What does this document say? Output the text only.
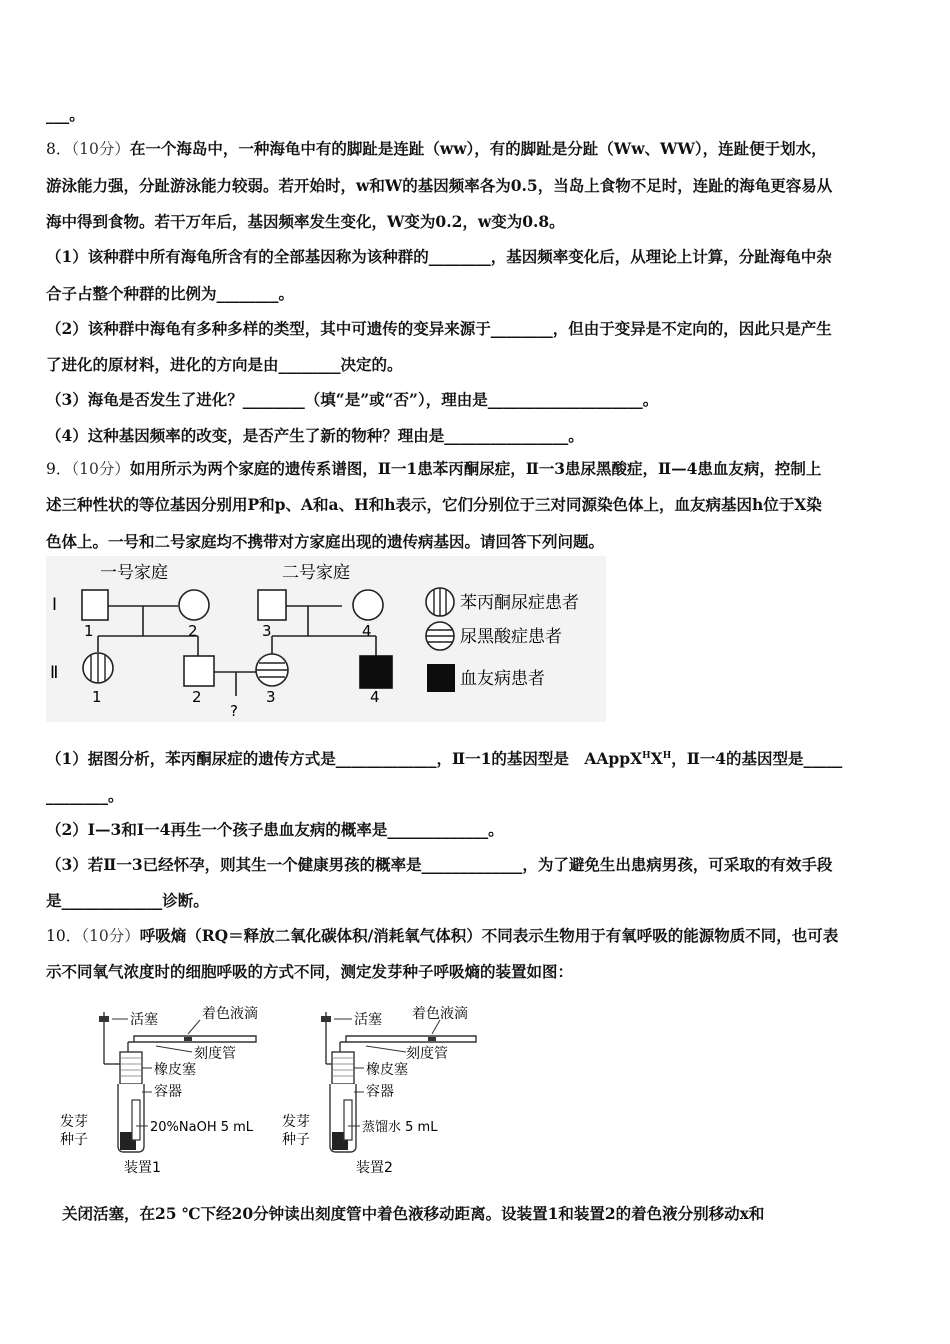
___。
8．（10分）在一个海岛中，一种海龟中有的脚趾是连趾（ww），有的脚趾是分趾（Ww、WW），连趾便于划水，
游泳能力强，分趾游泳能力较弱。若开始时，w和W的基因频率各为0.5，当岛上食物不足时，连趾的海龟更容易从
海中得到食物。若干万年后，基因频率发生变化，W变为0.2，w变为0.8。
（1）该种群中所有海龟所含有的全部基因称为该种群的________，基因频率变化后，从理论上计算，分趾海龟中杂
合子占整个种群的比例为________。
（2）该种群中海龟有多种多样的类型，其中可遗传的变异来源于________，但由于变异是不定向的，因此只是产生
了进化的原材料，进化的方向是由________决定的。
（3）海龟是否发生了进化？________（填“是”或“否”），理由是____________________。
（4）这种基因频率的改变，是否产生了新的物种？理由是________________。
9．（10分）如用所示为两个家庭的遗传系谱图，Ⅱ一1患苯丙酮尿症，Ⅱ一3患尿黑酸症，Ⅱ—4患血友病，控制上
述三种性状的等位基因分别用P和p、A和a、H和h表示，它们分别位于三对同源染色体上，血友病基因h位于X染
色体上。一号和二号家庭均不携带对方家庭出现的遗传病基因。请回答下列问题。
一号家庭	二号家庭
Ⅰ
Ⅱ
1	2	3	4
1	2	3	4
?
苯丙酮尿症患者
尿黑酸症患者
血友病患者
（1）据图分析，苯丙酮尿症的遗传方式是_____________，Ⅱ一1的基因型是　$AAppX^HX^H$，Ⅱ一4的基因型是_____
________。
（2）Ⅰ—3和Ⅰ一4再生一个孩子患血友病的概率是_____________。
（3）若Ⅱ一3已经怀孕，则其生一个健康男孩的概率是_____________，为了避免生出患病男孩，可采取的有效手段
是_____________诊断。
10．（10分）呼吸熵（RQ＝释放二氧化碳体积/消耗氧气体积）不同表示生物用于有氧呼吸的能源物质不同，也可表
示不同氧气浓度时的细胞呼吸的方式不同，测定发芽种子呼吸熵的装置如图：
活塞	着色液滴
刻度管
橡皮塞
容器
20%NaOH 5 mL
发芽
种子
装置1
活塞 着色液滴
刻度管
橡皮塞
容器
蒸馏水 5 mL
发芽
种子
装置2
关闭活塞，在25 ℃下经20分钟读出刻度管中着色液移动距离。设装置1和装置2的着色液分别移动x和
